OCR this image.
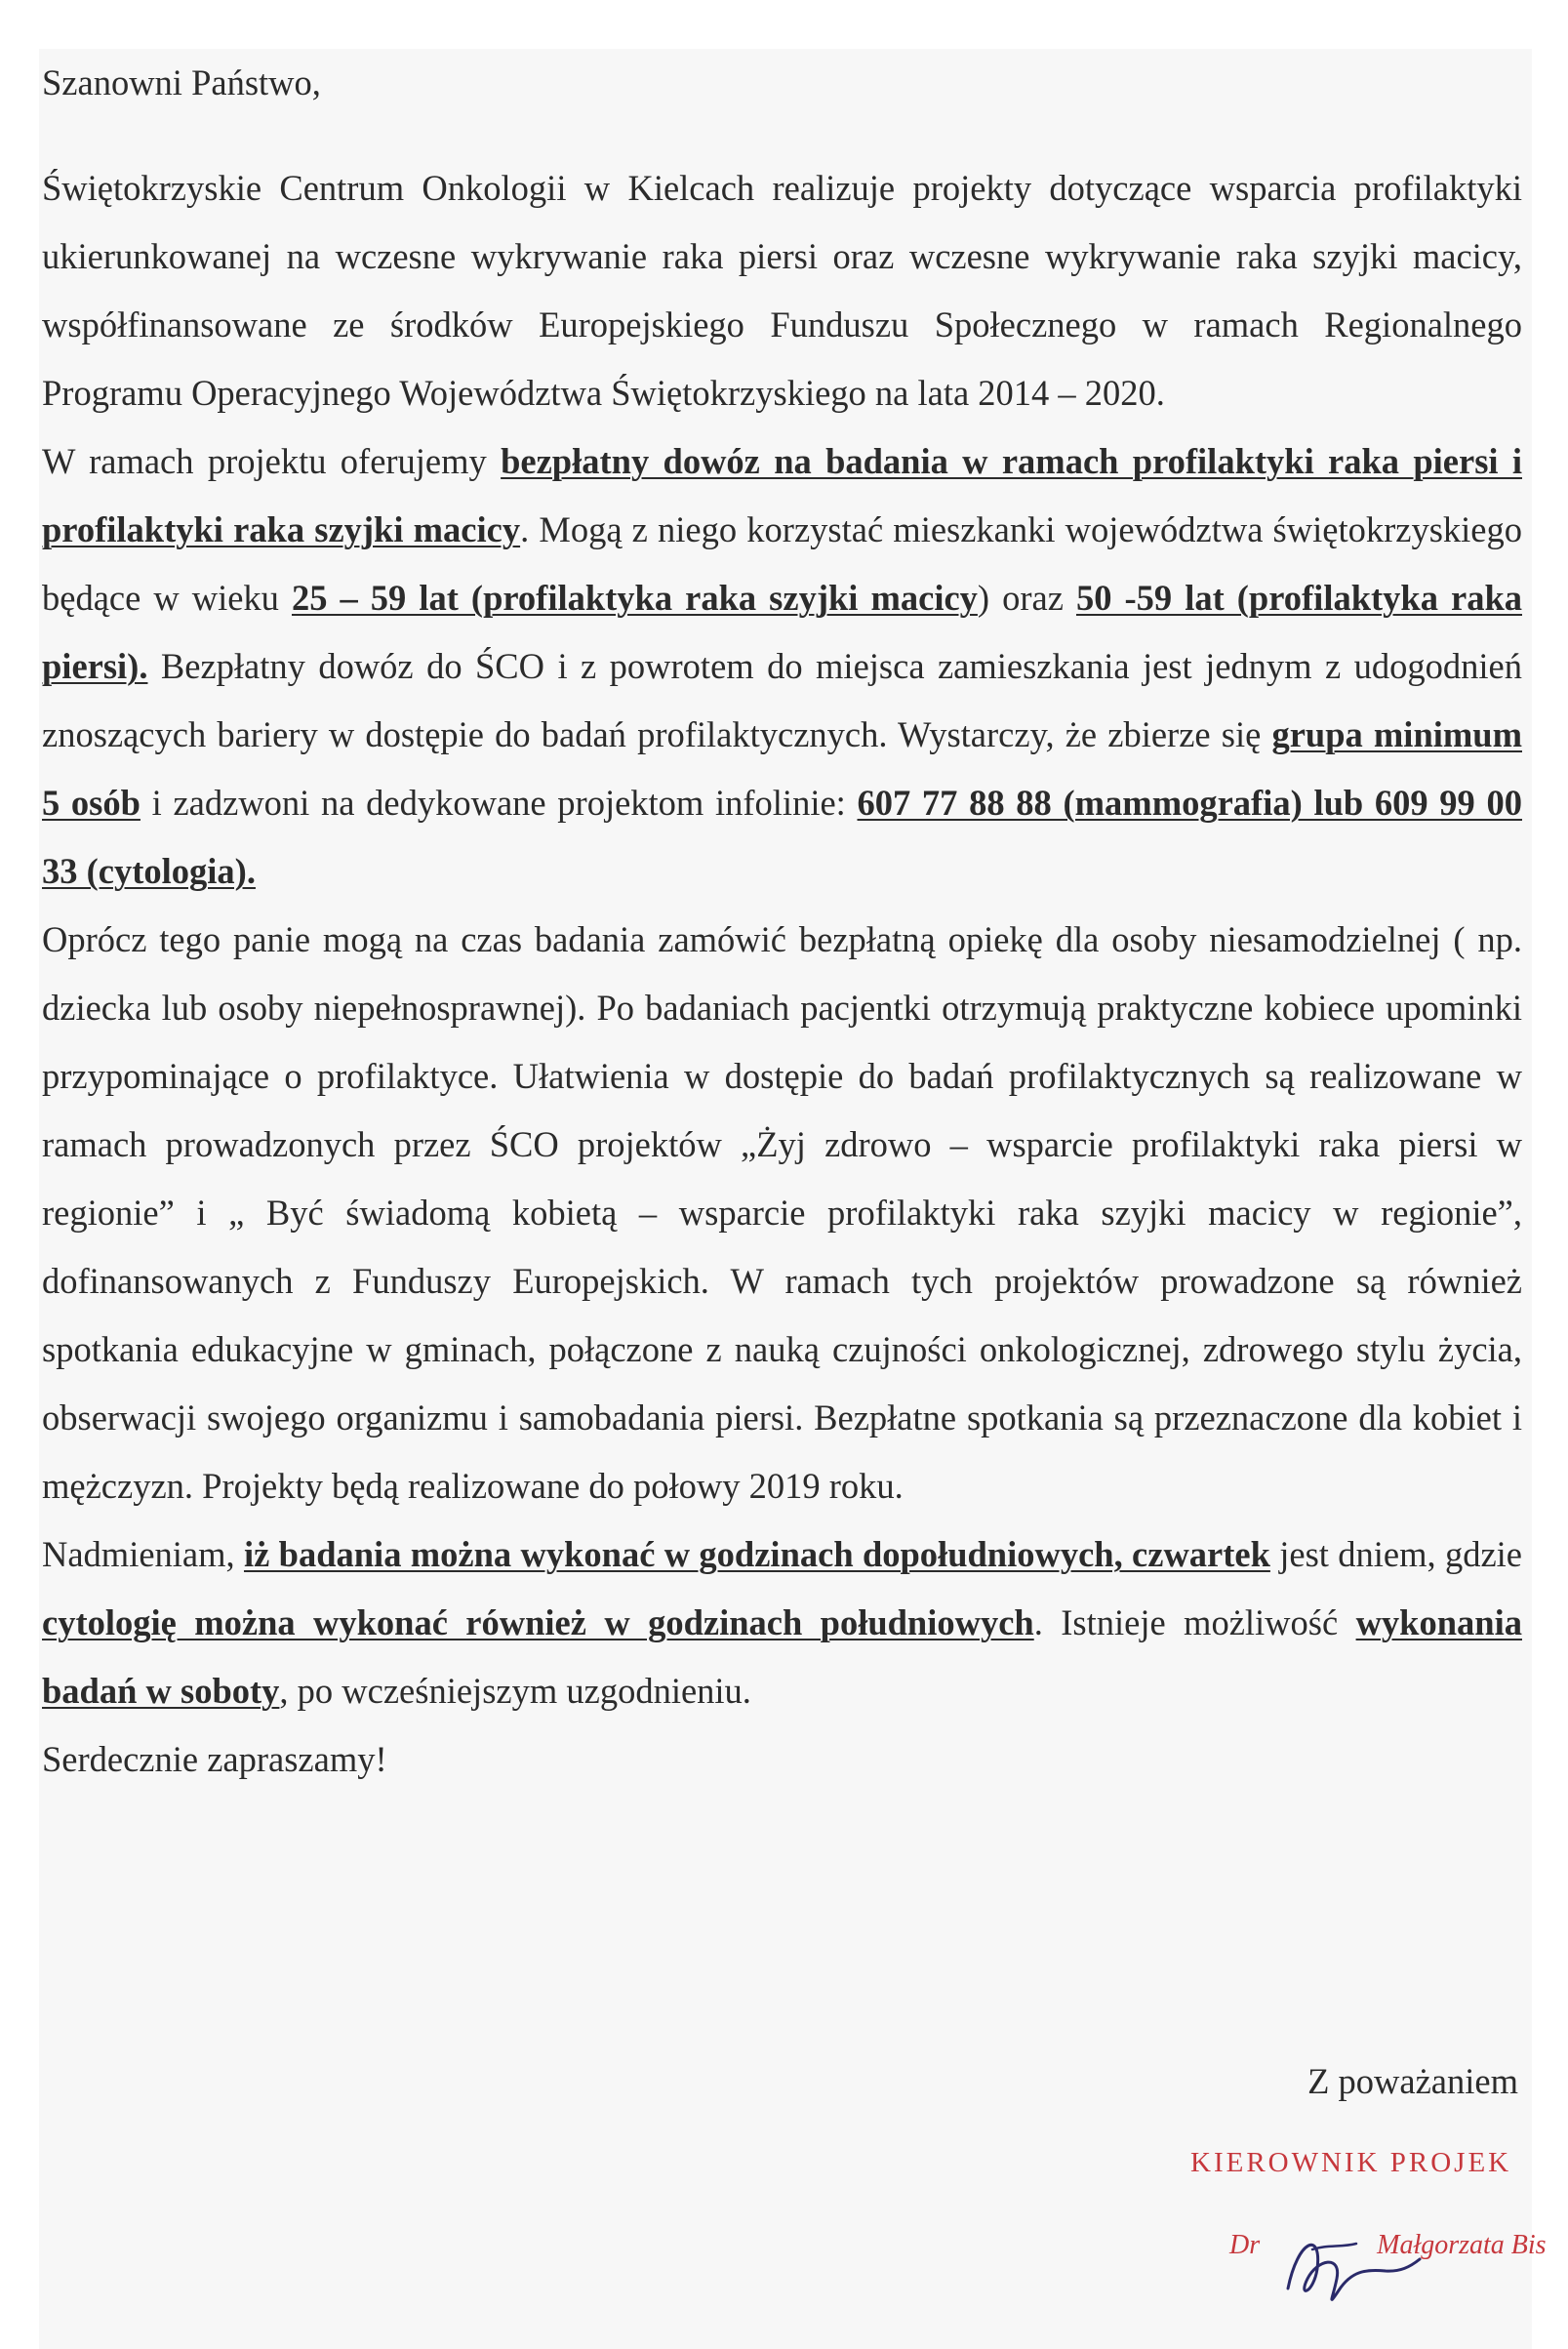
Szanowni Państwo,

Świętokrzyskie Centrum Onkologii w Kielcach realizuje projekty dotyczące wsparcia profilaktyki ukierunkowanej na wczesne wykrywanie raka piersi oraz wczesne wykrywanie raka szyjki macicy, współfinansowane ze środków Europejskiego Funduszu Społecznego w ramach Regionalnego Programu Operacyjnego Województwa Świętokrzyskiego na lata 2014 – 2020.

W ramach projektu oferujemy bezpłatny dowóz na badania w ramach profilaktyki raka piersi i profilaktyki raka szyjki macicy. Mogą z niego korzystać mieszkanki województwa świętokrzyskiego będące w wieku 25 – 59 lat (profilaktyka raka szyjki macicy) oraz 50 -59 lat (profilaktyka raka piersi). Bezpłatny dowóz do ŚCO i z powrotem do miejsca zamieszkania jest jednym z udogodnień znoszących bariery w dostępie do badań profilaktycznych. Wystarczy, że zbierze się grupa minimum 5 osób i zadzwoni na dedykowane projektom infolinie: 607 77 88 88 (mammografia) lub 609 99 00 33 (cytologia).

Oprócz tego panie mogą na czas badania zamówić bezpłatną opiekę dla osoby niesamodzielnej ( np. dziecka lub osoby niepełnosprawnej). Po badaniach pacjentki otrzymują praktyczne kobiece upominki przypominające o profilaktyce. Ułatwienia w dostępie do badań profilaktycznych są realizowane w ramach prowadzonych przez ŚCO projektów „Żyj zdrowo – wsparcie profilaktyki raka piersi w regionie” i „ Być świadomą kobietą – wsparcie profilaktyki raka szyjki macicy w regionie”, dofinansowanych z Funduszy Europejskich. W ramach tych projektów prowadzone są również spotkania edukacyjne w gminach, połączone z nauką czujności onkologicznej, zdrowego stylu życia, obserwacji swojego organizmu i samobadania piersi. Bezpłatne spotkania są przeznaczone dla kobiet i mężczyzn. Projekty będą realizowane do połowy 2019 roku.

Nadmieniam, iż badania można wykonać w godzinach dopołudniowych, czwartek jest dniem, gdzie cytologię można wykonać również w godzinach południowych. Istnieje możliwość wykonania badań w soboty, po wcześniejszym uzgodnieniu.

Serdecznie zapraszamy!

Z poważaniem
KIEROWNIK PROJEK
Dr	Małgorzata Bis
